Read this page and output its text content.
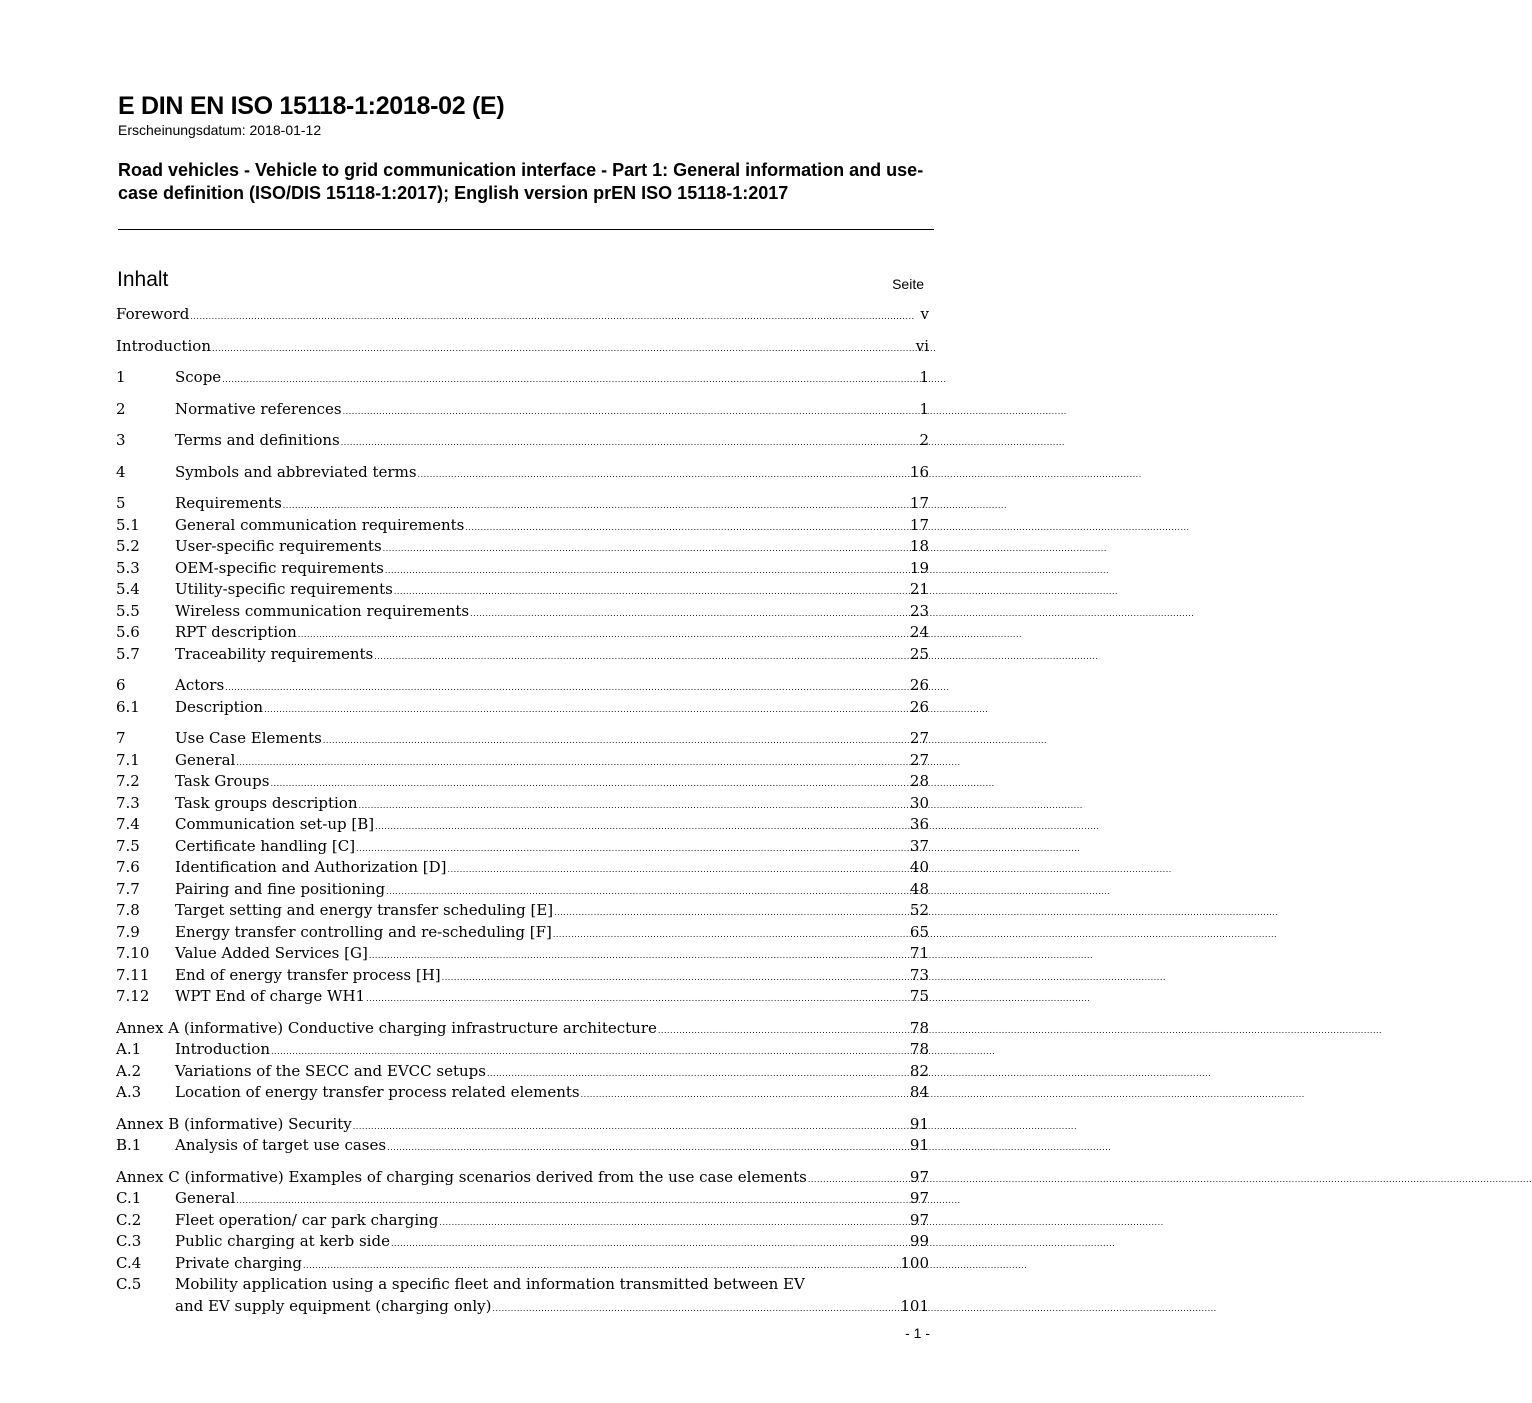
E DIN EN ISO 15118-1:2018-02 (E)
Erscheinungsdatum: 2018-01-12
Road vehicles - Vehicle to grid communication interface - Part 1: General information and use-case definition (ISO/DIS 15118-1:2017); English version prEN ISO 15118-1:2017
Inhalt	Seite
Foreword .....	v
Introduction .....	vi
1	Scope .....	1
2	Normative references .....	1
3	Terms and definitions .....	2
4	Symbols and abbreviated terms .....	16
5	Requirements .....	17
5.1	General communication requirements .....	17
5.2	User-specific requirements .....	18
5.3	OEM-specific requirements .....	19
5.4	Utility-specific requirements .....	21
5.5	Wireless communication requirements .....	23
5.6	RPT description .....	24
5.7	Traceability requirements .....	25
6	Actors .....	26
6.1	Description .....	26
7	Use Case Elements .....	27
7.1	General .....	27
7.2	Task Groups .....	28
7.3	Task groups description .....	30
7.4	Communication set-up [B] .....	36
7.5	Certificate handling [C] .....	37
7.6	Identification and Authorization [D] .....	40
7.7	Pairing and fine positioning .....	48
7.8	Target setting and energy transfer scheduling [E] .....	52
7.9	Energy transfer controlling and re-scheduling [F] .....	65
7.10	Value Added Services [G] .....	71
7.11	End of energy transfer process [H] .....	73
7.12	WPT End of charge WH1 .....	75
Annex A (informative) Conductive charging infrastructure architecture .....	78
A.1	Introduction .....	78
A.2	Variations of the SECC and EVCC setups .....	82
A.3	Location of energy transfer process related elements .....	84
Annex B (informative) Security .....	91
B.1	Analysis of target use cases .....	91
Annex C (informative) Examples of charging scenarios derived from the use case elements .....	97
C.1	General .....	97
C.2	Fleet operation/ car park charging .....	97
C.3	Public charging at kerb side .....	99
C.4	Private charging .....	100
C.5	Mobility application using a specific fleet and information transmitted between EV
and EV supply equipment (charging only) .....	101
- 1 -
